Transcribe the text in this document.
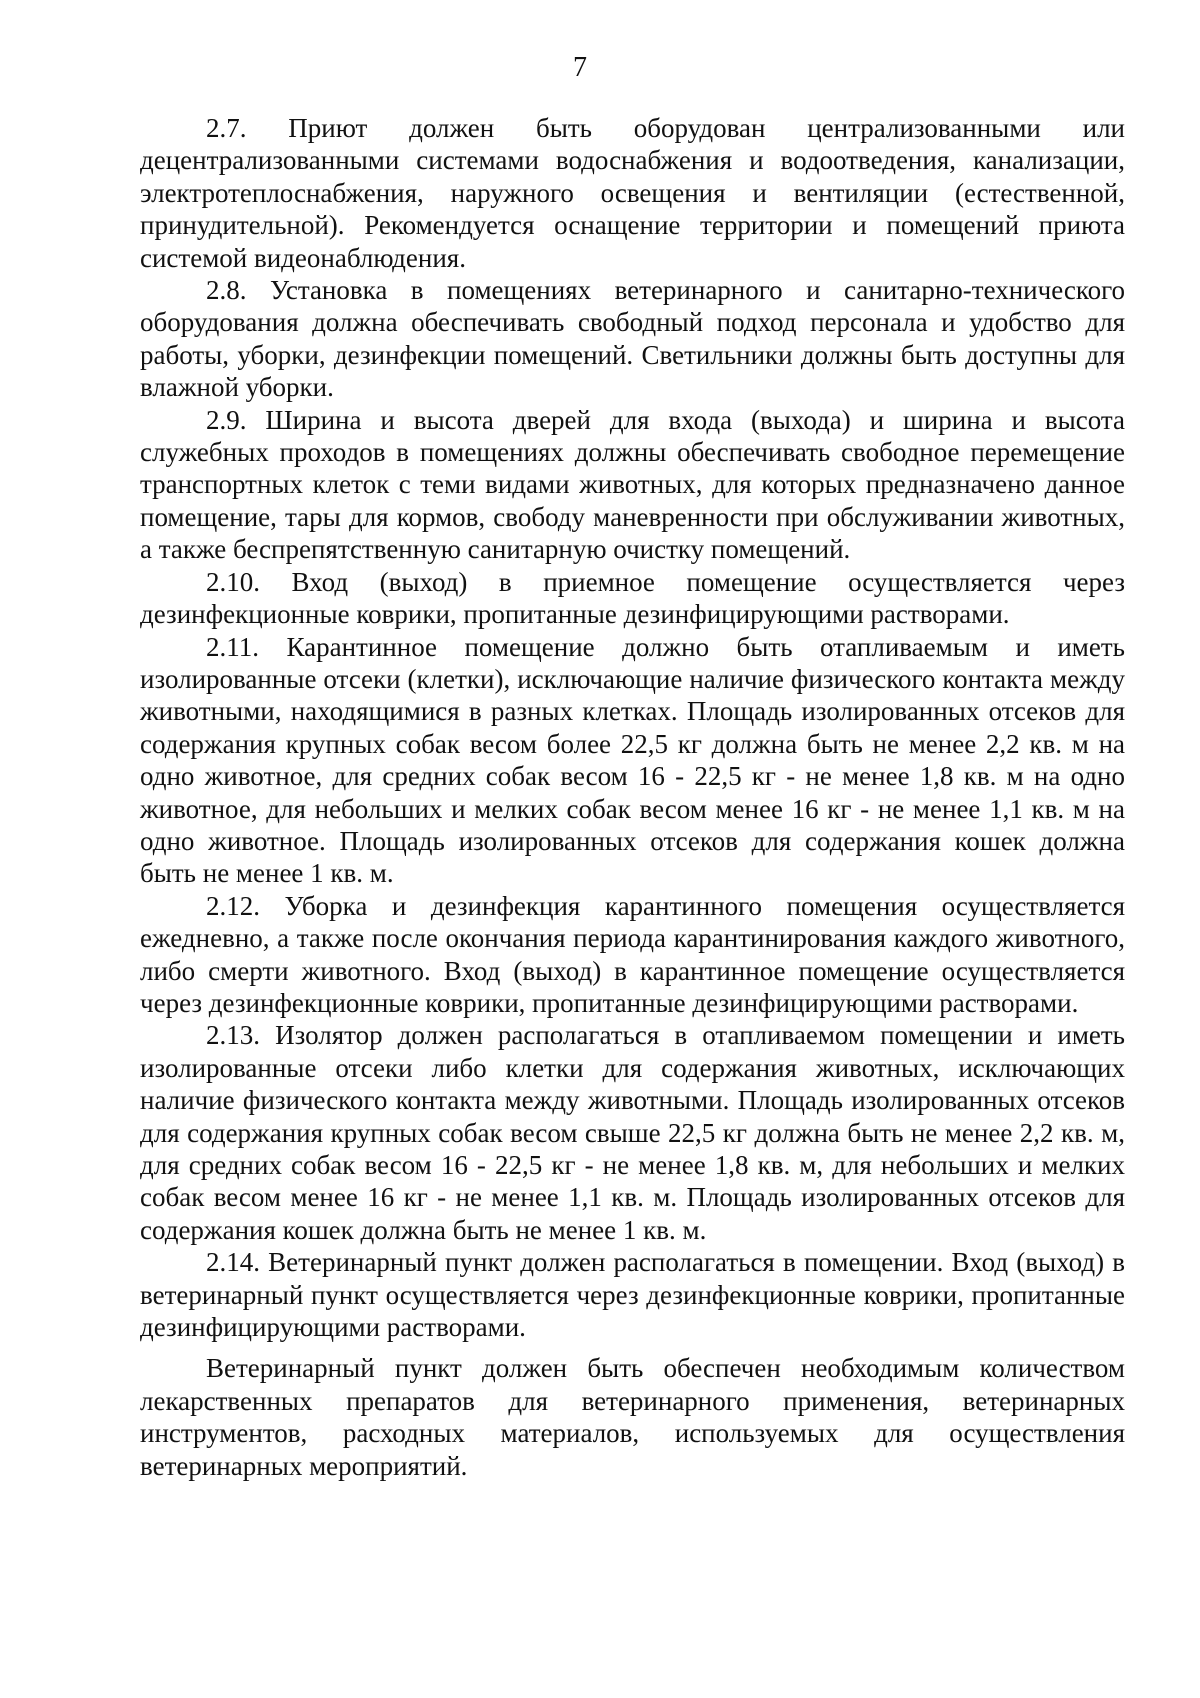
7

2.7. Приют должен быть оборудован централизованными или децентрализованными системами водоснабжения и водоотведения, канализации, электротеплоснабжения, наружного освещения и вентиляции (естественной, принудительной). Рекомендуется оснащение территории и помещений приюта системой видеонаблюдения.

2.8. Установка в помещениях ветеринарного и санитарно-технического оборудования должна обеспечивать свободный подход персонала и удобство для работы, уборки, дезинфекции помещений. Светильники должны быть доступны для влажной уборки.

2.9. Ширина и высота дверей для входа (выхода) и ширина и высота служебных проходов в помещениях должны обеспечивать свободное перемещение транспортных клеток с теми видами животных, для которых предназначено данное помещение, тары для кормов, свободу маневренности при обслуживании животных, а также беспрепятственную санитарную очистку помещений.

2.10. Вход (выход) в приемное помещение осуществляется через дезинфекционные коврики, пропитанные дезинфицирующими растворами.

2.11. Карантинное помещение должно быть отапливаемым и иметь изолированные отсеки (клетки), исключающие наличие физического контакта между животными, находящимися в разных клетках. Площадь изолированных отсеков для содержания крупных собак весом более 22,5 кг должна быть не менее 2,2 кв. м на одно животное, для средних собак весом 16 - 22,5 кг - не менее 1,8 кв. м на одно животное, для небольших и мелких собак весом менее 16 кг - не менее 1,1 кв. м на одно животное. Площадь изолированных отсеков для содержания кошек должна быть не менее 1 кв. м.

2.12. Уборка и дезинфекция карантинного помещения осуществляется ежедневно, а также после окончания периода карантинирования каждого животного, либо смерти животного. Вход (выход) в карантинное помещение осуществляется через дезинфекционные коврики, пропитанные дезинфицирующими растворами.

2.13. Изолятор должен располагаться в отапливаемом помещении и иметь изолированные отсеки либо клетки для содержания животных, исключающих наличие физического контакта между животными. Площадь изолированных отсеков для содержания крупных собак весом свыше 22,5 кг должна быть не менее 2,2 кв. м, для средних собак весом 16 - 22,5 кг - не менее 1,8 кв. м, для небольших и мелких собак весом менее 16 кг - не менее 1,1 кв. м. Площадь изолированных отсеков для содержания кошек должна быть не менее 1 кв. м.

2.14. Ветеринарный пункт должен располагаться в помещении. Вход (выход) в ветеринарный пункт осуществляется через дезинфекционные коврики, пропитанные дезинфицирующими растворами.

Ветеринарный пункт должен быть обеспечен необходимым количеством лекарственных препаратов для ветеринарного применения, ветеринарных инструментов, расходных материалов, используемых для осуществления ветеринарных мероприятий.
